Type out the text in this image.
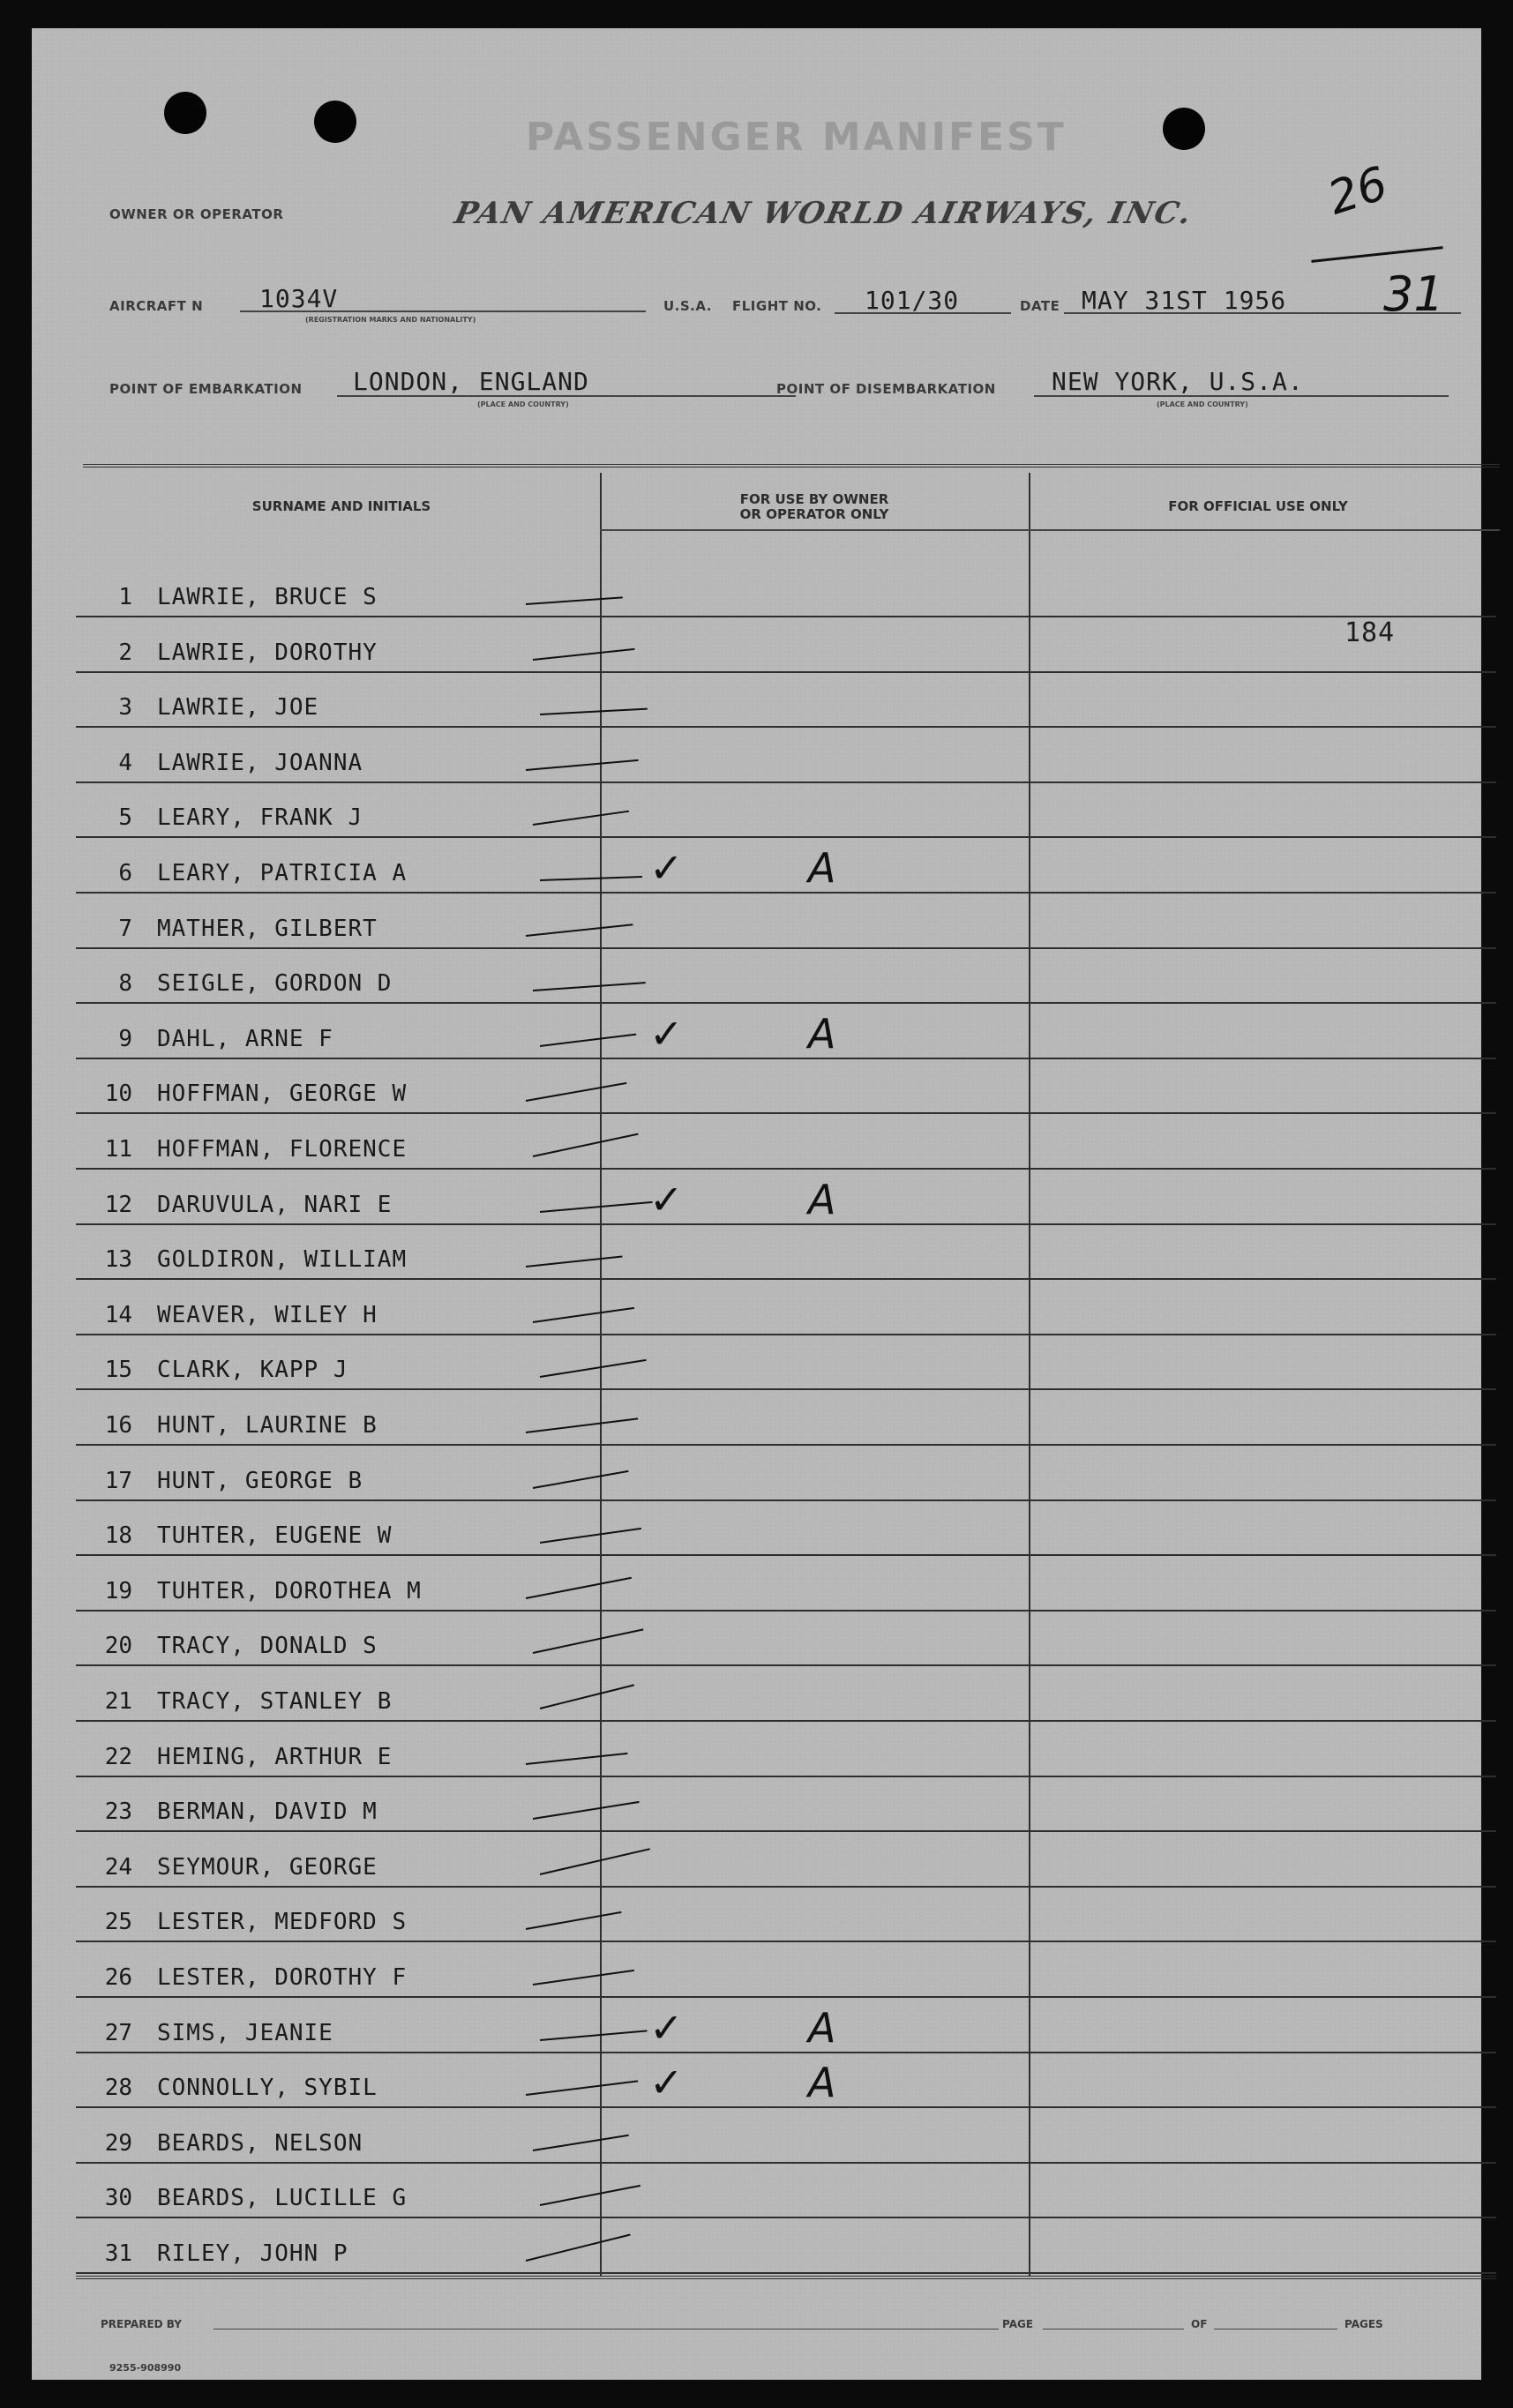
PASSENGER MANIFEST
26
31
OWNER OR OPERATOR	PAN AMERICAN WORLD AIRWAYS, INC.
AIRCRAFT N 1034V
(REGISTRATION MARKS AND NATIONALITY)
U.S.A. FLIGHT NO. 101/30	DATE MAY 31ST 1956
POINT OF EMBARKATION LONDON, ENGLAND
(PLACE AND COUNTRY)
POINT OF DISEMBARKATION NEW YORK, U.S.A.
(PLACE AND COUNTRY)
SURNAME AND INITIALS	FOR USE BY OWNER
OR OPERATOR ONLY	FOR OFFICIAL USE ONLY
184
1 LAWRIE, BRUCE S
2 LAWRIE, DOROTHY
3 LAWRIE, JOE
4 LAWRIE, JOANNA
5 LEARY, FRANK J
6 LEARY, PATRICIA A	✓	A
7 MATHER, GILBERT
8 SEIGLE, GORDON D
9 DAHL, ARNE F	✓	A
10 HOFFMAN, GEORGE W
11 HOFFMAN, FLORENCE
12 DARUVULA, NARI E	✓	A
13 GOLDIRON, WILLIAM
14 WEAVER, WILEY H
15 CLARK, KAPP J
16 HUNT, LAURINE B
17 HUNT, GEORGE B
18 TUHTER, EUGENE W
19 TUHTER, DOROTHEA M
20 TRACY, DONALD S
21 TRACY, STANLEY B
22 HEMING, ARTHUR E
23 BERMAN, DAVID M
24 SEYMOUR, GEORGE
25 LESTER, MEDFORD S
26 LESTER, DOROTHY F
27 SIMS, JEANIE	✓	A
28 CONNOLLY, SYBIL	✓	A
29 BEARDS, NELSON
30 BEARDS, LUCILLE G
31 RILEY, JOHN P
PREPARED BY	PAGE	OF	PAGES
9255-908990
